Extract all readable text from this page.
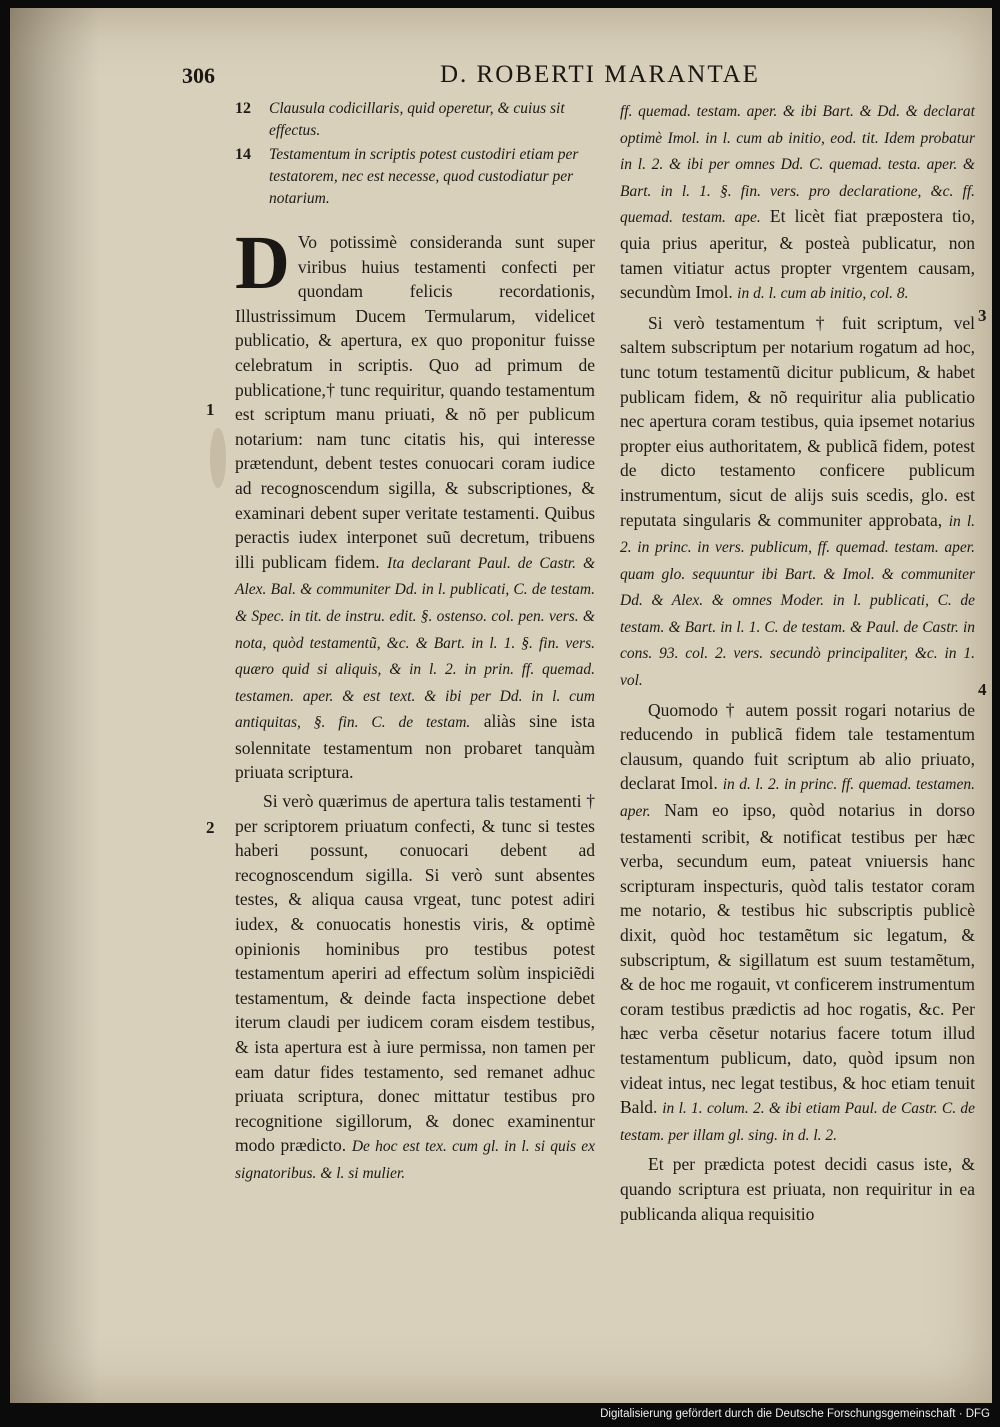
306	D. ROBERTI MARANTAE
12 Clausula codicillaris, quid operetur, & cuius sit effectus.
14 Testamentum in scriptis potest custodiri etiam per testatorem, nec est necesse, quod custodiatur per notarium.

D Vo potissimè consideranda sunt super viribus huius testamenti confecti per quondam felicis recordationis, Illustrissimum Ducem Termularum, videlicet publicatio, & apertura, ex quo proponitur fuisse celebratum in scriptis. Quo ad primum de publicatione,† tunc requiritur, quando testamentum est scriptum manu priuati, & nõ per publicum notarium: nam tunc citatis his, qui interesse prætendunt, debent testes conuocari coram iudice ad recognoscendum sigilla, & subscriptiones, & examinari debent super veritate testamenti. Quibus peractis iudex interponet suũ decretum, tribuens illi publicam fidem. Ita declarant Paul. de Castr. & Alex. Bal. & communiter Dd. in l. publicati, C. de testam. & Spec. in tit. de instru. edit. §. ostenso. col. pen. vers. & nota, quòd testamentũ, &c. & Bart. in l. 1. §. fin. vers. quæro quid si aliquis, & in l. 2. in prin. ff. quemad. testamen. aper. & est text. & ibi per Dd. in l. cum antiquitas, §. fin. C. de testam. aliàs sine ista solennitate testamentum non probaret tanquàm priuata scriptura.

Si verò quærimus de apertura talis testamenti † per scriptorem priuatum confecti, & tunc si testes haberi possunt, conuocari debent ad recognoscendum sigilla. Si verò sunt absentes testes, & aliqua causa vrgeat, tunc potest adiri iudex, & conuocatis honestis viris, & optimè opinionis hominibus pro testibus potest testamentum aperiri ad effectum solùm inspiciẽdi testamentum, & deinde facta inspectione debet iterum claudi per iudicem coram eisdem testibus, & ista apertura est à iure permissa, non tamen per eam datur fides testamento, sed remanet adhuc priuata scriptura, donec mittatur testibus pro recognitione sigillorum, & donec examinentur modo prædicto. De hoc est tex. cum gl. in l. si quis ex signatoribus. & l. si mulier.

1
2

ff. quemad. testam. aper. & ibi Bart. & Dd. & declarat optimè Imol. in l. cum ab initio, eod. tit. Idem probatur in l. 2. & ibi per omnes Dd. C. quemad. testa. aper. & Bart. in l. 1. §. fin. vers. pro declaratione, &c. ff. quemad. testam. ape. Et licèt fiat præpostera tio, quia prius aperitur, & posteà publicatur, non tamen vitiatur actus propter vrgentem causam, secundùm Imol. in d. l. cum ab initio, col. 8.

Si verò testamentum † fuit scriptum, vel saltem subscriptum per notarium rogatum ad hoc, tunc totum testamentũ dicitur publicum, & habet publicam fidem, & nõ requiritur alia publicatio nec apertura coram testibus, quia ipsemet notarius propter eius authoritatem, & publicã fidem, potest de dicto testamento conficere publicum instrumentum, sicut de alijs suis scedis, glo. est reputata singularis & communiter approbata, in l. 2. in princ. in vers. publicum, ff. quemad. testam. aper. quam glo. sequuntur ibi Bart. & Imol. & communiter Dd. & Alex. & omnes Moder. in l. publicati, C. de testam. & Bart. in l. 1. C. de testam. & Paul. de Castr. in cons. 93. col. 2. vers. secundò principaliter, &c. in 1. vol.

Quomodo † autem possit rogari notarius de reducendo in publicã fidem tale testamentum clausum, quando fuit scriptum ab alio priuato, declarat Imol. in d. l. 2. in princ. ff. quemad. testamen. aper. Nam eo ipso, quòd notarius in dorso testamenti scribit, & notificat testibus per hæc verba, secundum eum, pateat vniuersis hanc scripturam inspecturis, quòd talis testator coram me notario, & testibus hic subscriptis publicè dixit, quòd hoc testamẽtum sic legatum, & subscriptum, & sigillatum est suum testamẽtum, & de hoc me rogauit, vt conficerem instrumentum coram testibus prædictis ad hoc rogatis, &c. Per hæc verba cẽsetur notarius facere totum illud testamentum publicum, dato, quòd ipsum non videat intus, nec legat testibus, & hoc etiam tenuit Bald. in l. 1. colum. 2. & ibi etiam Paul. de Castr. C. de testam. per illam gl. sing. in d. l. 2.

Et per prædicta potest decidi casus iste, & quando scriptura est priuata, non requiritur in ea publicanda aliqua requisitio

3
4
Digitalisierung gefördert durch die Deutsche Forschungsgemeinschaft · DFG
